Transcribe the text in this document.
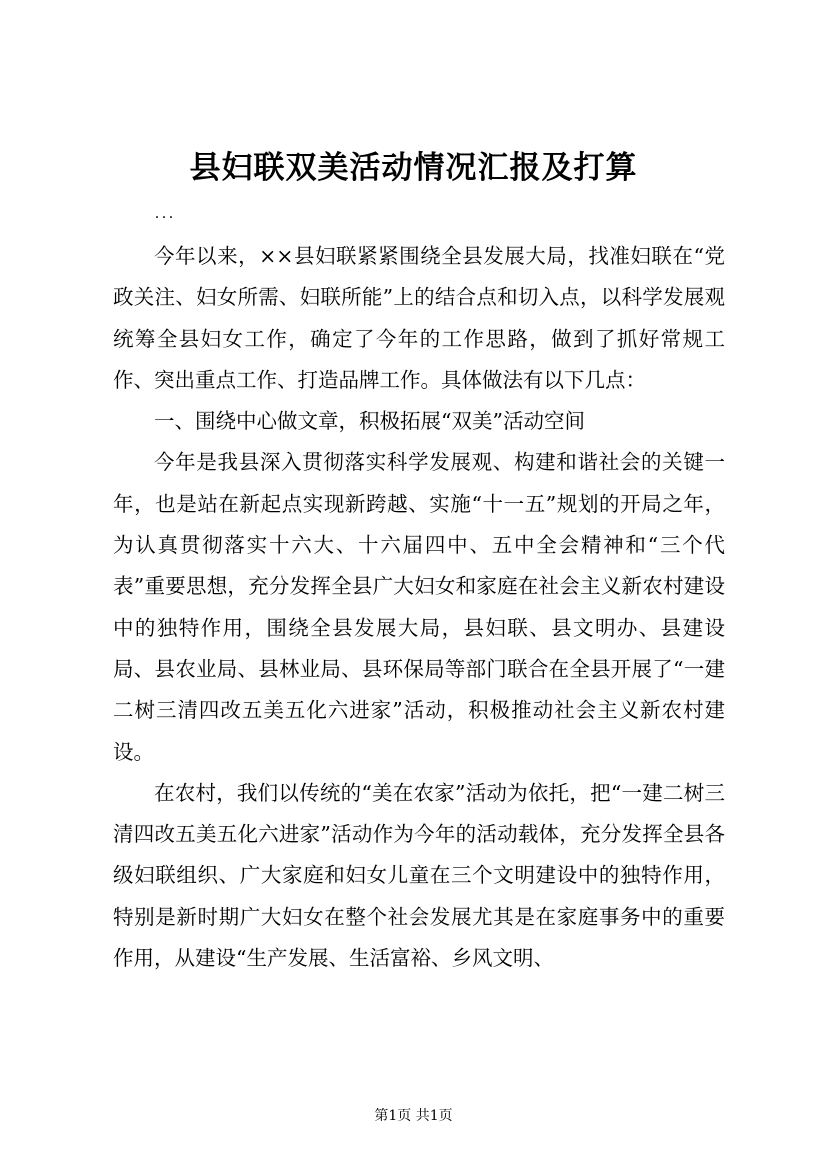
县妇联双美活动情况汇报及打算
...

今年以来，××县妇联紧紧围绕全县发展大局，找准妇联在“党政关注、妇女所需、妇联所能”上的结合点和切入点，以科学发展观统筹全县妇女工作，确定了今年的工作思路，做到了抓好常规工作、突出重点工作、打造品牌工作。具体做法有以下几点：

一、围绕中心做文章，积极拓展“双美”活动空间

今年是我县深入贯彻落实科学发展观、构建和谐社会的关键一年，也是站在新起点实现新跨越、实施“十一五”规划的开局之年，为认真贯彻落实十六大、十六届四中、五中全会精神和“三个代表”重要思想，充分发挥全县广大妇女和家庭在社会主义新农村建设中的独特作用，围绕全县发展大局，县妇联、县文明办、县建设局、县农业局、县林业局、县环保局等部门联合在全县开展了“一建二树三清四改五美五化六进家”活动，积极推动社会主义新农村建设。

在农村，我们以传统的“美在农家”活动为依托，把“一建二树三清四改五美五化六进家”活动作为今年的活动载体，充分发挥全县各级妇联组织、广大家庭和妇女儿童在三个文明建设中的独特作用，特别是新时期广大妇女在整个社会发展尤其是在家庭事务中的重要作用，从建设“生产发展、生活富裕、乡风文明、

第1页 共1页
